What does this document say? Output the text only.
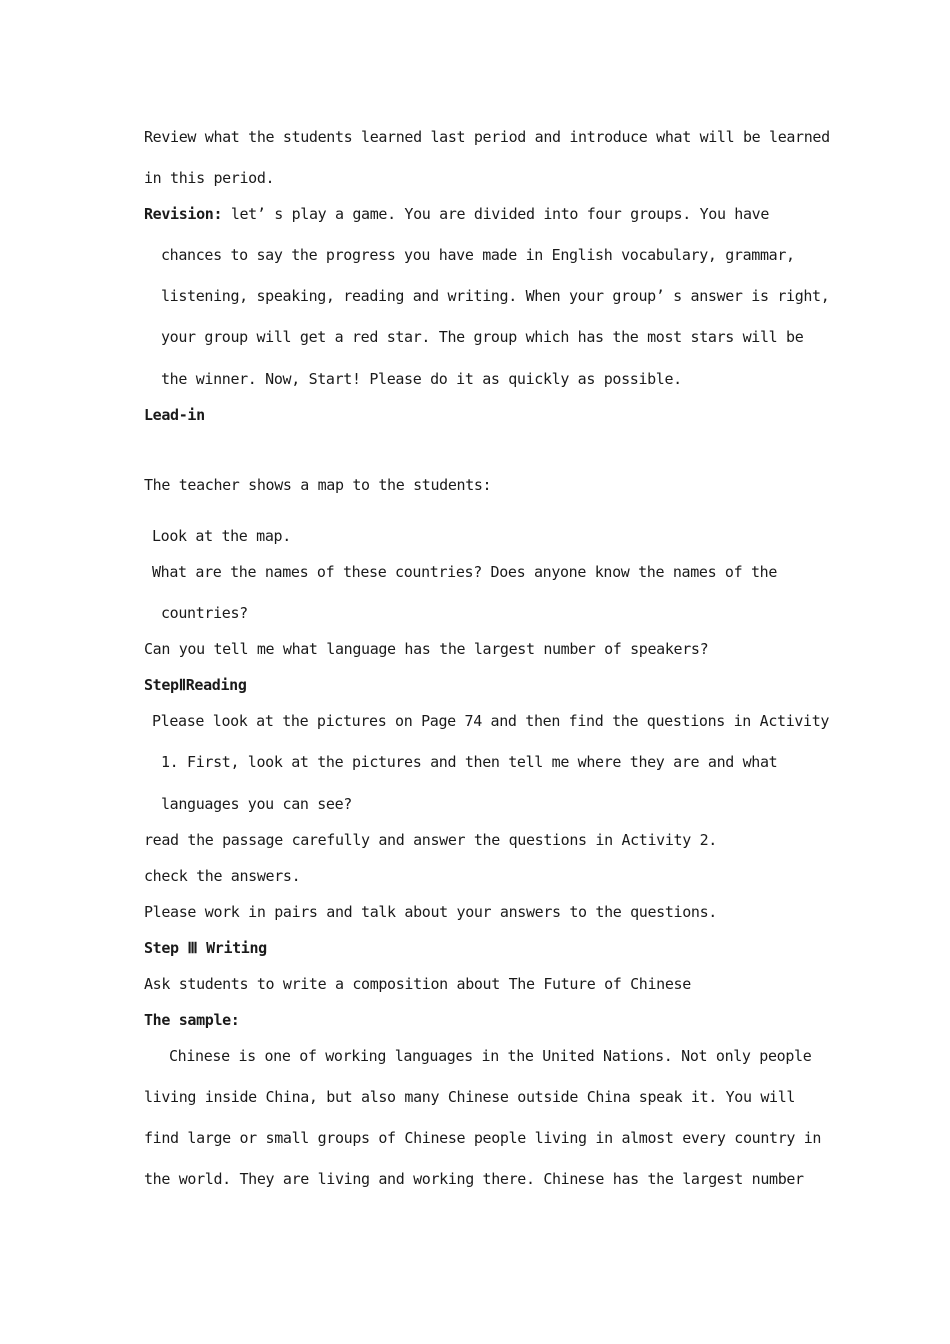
Review what the students learned last period and introduce what will be learned
in this period.
Revision: let’ s play a game. You are divided into four groups. You have
chances to say the progress you have made in English vocabulary, grammar,
listening, speaking, reading and writing. When your group’ s answer is right,
your group will get a red star. The group which has the most stars will be
the winner. Now, Start! Please do it as quickly as possible.
Lead-in
The teacher shows a map to the students:
Look at the map.
What are the names of these countries? Does anyone know the names of the
countries?
Can you tell me what language has the largest number of speakers?
StepⅡReading
Please look at the pictures on Page 74 and then find the questions in Activity
1. First, look at the pictures and then tell me where they are and what
languages you can see?
read the passage carefully and answer the questions in Activity 2.
check the answers.
Please work in pairs and talk about your answers to the questions.
Step Ⅲ Writing
Ask students to write a composition about The Future of Chinese
The sample:
Chinese is one of working languages in the United Nations. Not only people
living inside China, but also many Chinese outside China speak it. You will
find large or small groups of Chinese people living in almost every country in
the world. They are living and working there. Chinese has the largest number
